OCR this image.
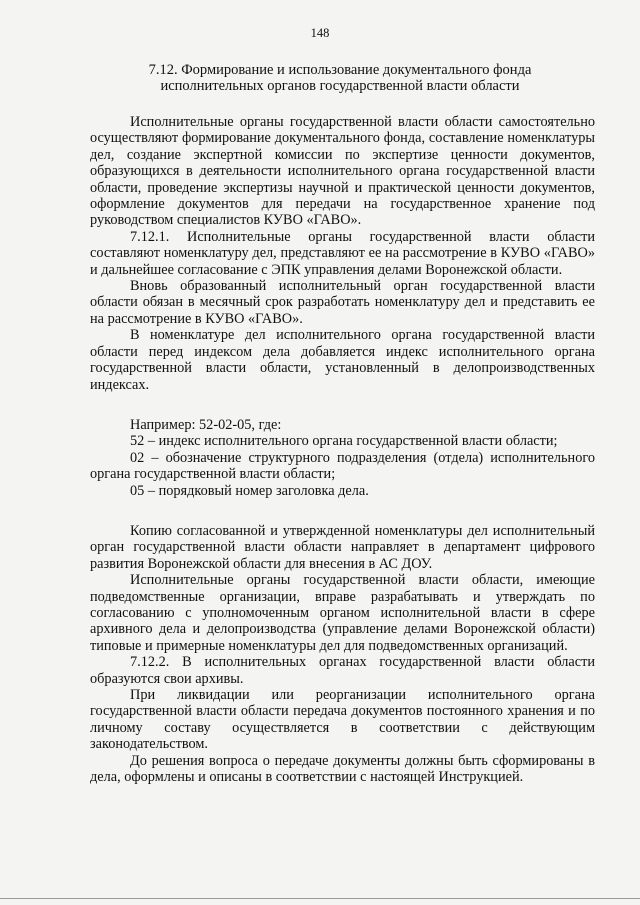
148
7.12. Формирование и использование документального фонда
исполнительных органов государственной власти области

Исполнительные органы государственной власти области самостоятельно осуществляют формирование документального фонда, составление номенклатуры дел, создание экспертной комиссии по экспертизе ценности документов, образующихся в деятельности исполнительного органа государственной власти области, проведение экспертизы научной и практической ценности документов, оформление документов для передачи на государственное хранение под руководством специалистов КУВО «ГАВО».

7.12.1. Исполнительные органы государственной власти области составляют номенклатуру дел, представляют ее на рассмотрение в КУВО «ГАВО» и дальнейшее согласование с ЭПК управления делами Воронежской области.

Вновь образованный исполнительный орган государственной власти области обязан в месячный срок разработать номенклатуру дел и представить ее на рассмотрение в КУВО «ГАВО».

В номенклатуре дел исполнительного органа государственной власти области перед индексом дела добавляется индекс исполнительного органа государственной власти области, установленный в делопроизводственных индексах.

Например: 52-02-05, где:

52 – индекс исполнительного органа государственной власти области;

02 – обозначение структурного подразделения (отдела) исполнительного органа государственной власти области;

05 – порядковый номер заголовка дела.

Копию согласованной и утвержденной номенклатуры дел исполнительный орган государственной власти области направляет в департамент цифрового развития Воронежской области для внесения в АС ДОУ.

Исполнительные органы государственной власти области, имеющие подведомственные организации, вправе разрабатывать и утверждать по согласованию с уполномоченным органом исполнительной власти в сфере архивного дела и делопроизводства (управление делами Воронежской области) типовые и примерные номенклатуры дел для подведомственных организаций.

7.12.2. В исполнительных органах государственной власти области образуются свои архивы.

При ликвидации или реорганизации исполнительного органа государственной власти области передача документов постоянного хранения и по личному составу осуществляется в соответствии с действующим законодательством.

До решения вопроса о передаче документы должны быть сформированы в дела, оформлены и описаны в соответствии с настоящей Инструкцией.
